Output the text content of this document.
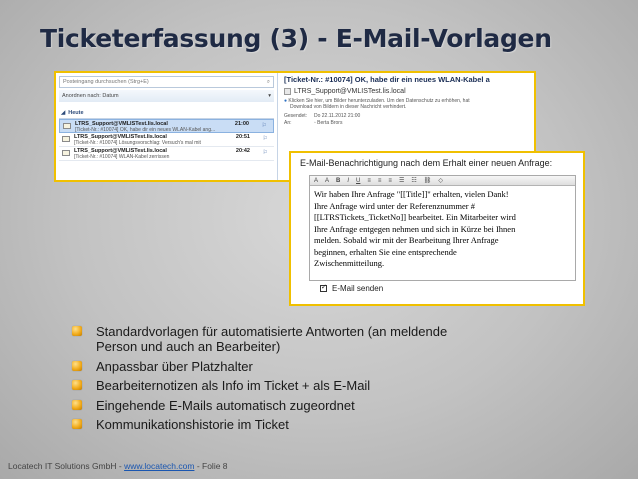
Ticketerfassung (3) - E-Mail-Vorlagen
Posteingang durchsuchen (Strg+E)	⌕
Anordnen nach: Datum	▾
◢ Heute
LTRS_Support@VMLISTest.lis.local
[Ticket-Nr.: #10074] OK, habe dir ein neues WLAN-Kabel ang...
21:00 ⚐
LTRS_Support@VMLISTest.lis.local
[Ticket-Nr.: #10074] Lösungsvorschlag: Versuch's mal mit
20:51 ⚐
LTRS_Support@VMLISTest.lis.local
[Ticket-Nr.: #10074] WLAN-Kabel zerrissen
20:42 ⚐
[Ticket-Nr.: #10074] OK, habe dir ein neues WLAN-Kabel a
LTRS_Support@VMLISTest.lis.local
● Klicken Sie hier, um Bilder herunterzuladen. Um den Datenschutz zu erhöhen, hat
Download von Bildern in dieser Nachricht verhindert.
Gesendet:	Do 22.11.2012 21:00
An:	◦ Berta Brors
E-Mail-Benachrichtigung nach dem Erhalt einer neuen Anfrage:
A A B I U ≡ ≡ ≡ ☰ ☷ ⛓ ◇
Wir haben Ihre Anfrage "[[Title]]" erhalten, vielen Dank!
Ihre Anfrage wird unter der Referenznummer #
[[LTRSTickets_TicketNo]] bearbeitet. Ein Mitarbeiter wird
Ihre Anfrage entgegen nehmen und sich in Kürze bei Ihnen
melden. Sobald wir mit der Bearbeitung Ihrer Anfrage
beginnen, erhalten Sie eine entsprechende
Zwischenmitteilung.
✓
E-Mail senden
Standardvorlagen für automatisierte Antworten (an meldende
Person und auch an Bearbeiter)
Anpassbar über Platzhalter
Bearbeiternotizen als Info im Ticket + als E-Mail
Eingehende E-Mails automatisch zugeordnet
Kommunikationshistorie im Ticket
Locatech IT Solutions GmbH - www.locatech.com - Folie 8
